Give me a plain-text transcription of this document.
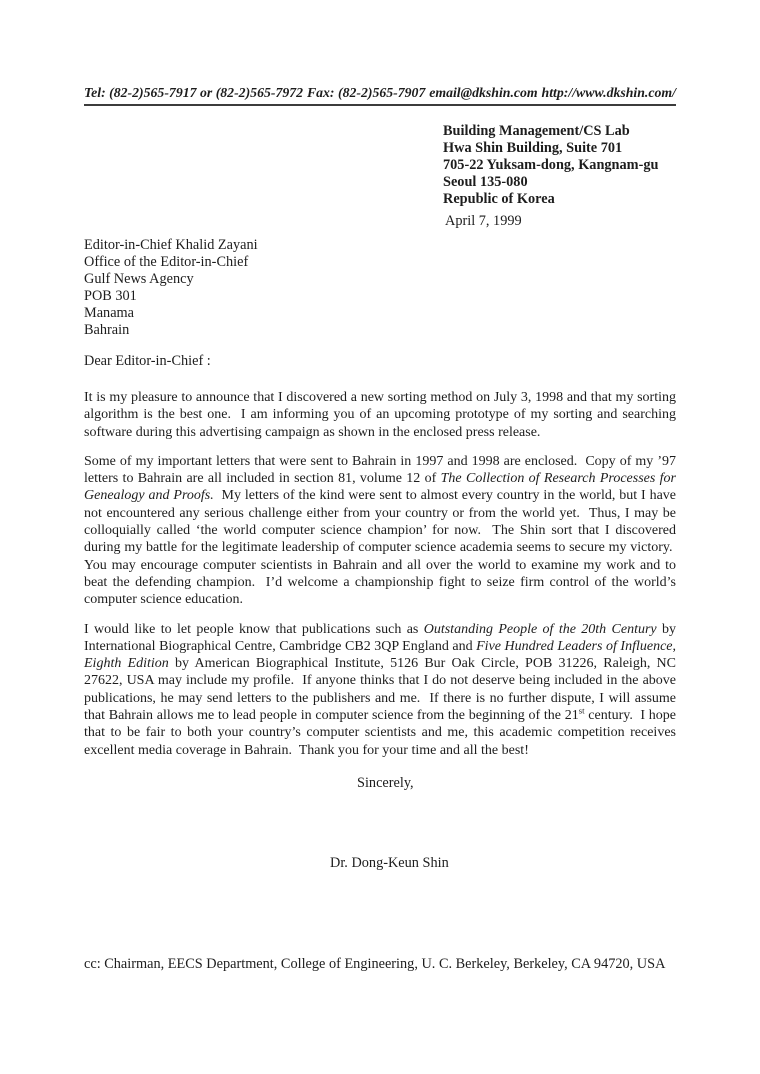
Tel: (82-2)565-7917 or (82-2)565-7972 Fax: (82-2)565-7907 email@dkshin.com http://www.dkshin.com/
Building Management/CS Lab
Hwa Shin Building, Suite 701
705-22 Yuksam-dong, Kangnam-gu
Seoul 135-080
Republic of Korea
April 7, 1999
Editor-in-Chief Khalid Zayani
Office of the Editor-in-Chief
Gulf News Agency
POB 301
Manama
Bahrain
Dear Editor-in-Chief :

It is my pleasure to announce that I discovered a new sorting method on July 3, 1998 and that my sorting algorithm is the best one.  I am informing you of an upcoming prototype of my sorting and searching software during this advertising campaign as shown in the enclosed press release.

Some of my important letters that were sent to Bahrain in 1997 and 1998 are enclosed.  Copy of my ’97 letters to Bahrain are all included in section 81, volume 12 of The Collection of Research Processes for Genealogy and Proofs.  My letters of the kind were sent to almost every country in the world, but I have not encountered any serious challenge either from your country or from the world yet.  Thus, I may be colloquially called ‘the world computer science champion’ for now.  The Shin sort that I discovered during my battle for the legitimate leadership of computer science academia seems to secure my victory.  You may encourage computer scientists in Bahrain and all over the world to examine my work and to beat the defending champion.  I’d welcome a championship fight to seize firm control of the world’s computer science education.

I would like to let people know that publications such as Outstanding People of the 20th Century by International Biographical Centre, Cambridge CB2 3QP England and Five Hundred Leaders of Influence, Eighth Edition by American Biographical Institute, 5126 Bur Oak Circle, POB 31226, Raleigh, NC 27622, USA may include my profile.  If anyone thinks that I do not deserve being included in the above publications, he may send letters to the publishers and me.  If there is no further dispute, I will assume that Bahrain allows me to lead people in computer science from the beginning of the 21st century.  I hope that to be fair to both your country’s computer scientists and me, this academic competition receives excellent media coverage in Bahrain.  Thank you for your time and all the best!

Sincerely,
Dr. Dong-Keun Shin
cc: Chairman, EECS Department, College of Engineering, U. C. Berkeley, Berkeley, CA 94720, USA
